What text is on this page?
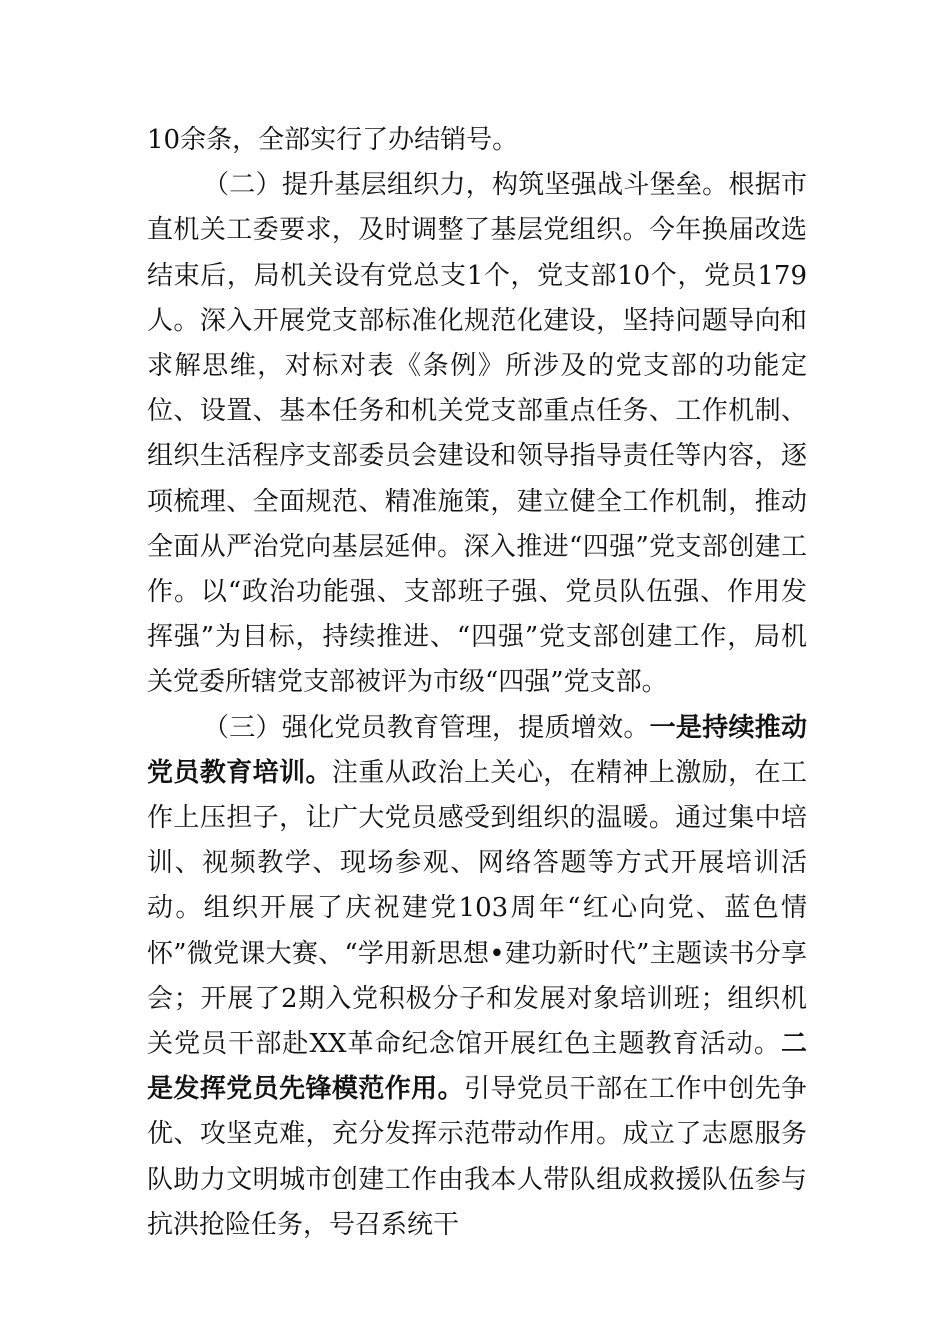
10余条，全部实行了办结销号。

（二）提升基层组织力，构筑坚强战斗堡垒。根据市直机关工委要求，及时调整了基层党组织。今年换届改选结束后，局机关设有党总支1个，党支部10个，党员179人。深入开展党支部标准化规范化建设，坚持问题导向和求解思维，对标对表《条例》所涉及的党支部的功能定位、设置、基本任务和机关党支部重点任务、工作机制、组织生活程序支部委员会建设和领导指导责任等内容，逐项梳理、全面规范、精准施策，建立健全工作机制，推动全面从严治党向基层延伸。深入推进“四强”党支部创建工作。以“政治功能强、支部班子强、党员队伍强、作用发挥强”为目标，持续推进、“四强”党支部创建工作，局机关党委所辖党支部被评为市级“四强”党支部。

（三）强化党员教育管理，提质增效。一是持续推动党员教育培训。注重从政治上关心，在精神上激励，在工作上压担子，让广大党员感受到组织的温暖。通过集中培训、视频教学、现场参观、网络答题等方式开展培训活动。组织开展了庆祝建党103周年“红心向党、蓝色情怀”微党课大赛、“学用新思想•建功新时代”主题读书分享会；开展了2期入党积极分子和发展对象培训班；组织机关党员干部赴XX革命纪念馆开展红色主题教育活动。二是发挥党员先锋模范作用。引导党员干部在工作中创先争优、攻坚克难，充分发挥示范带动作用。成立了志愿服务队助力文明城市创建工作由我本人带队组成救援队伍参与抗洪抢险任务，号召系统干
